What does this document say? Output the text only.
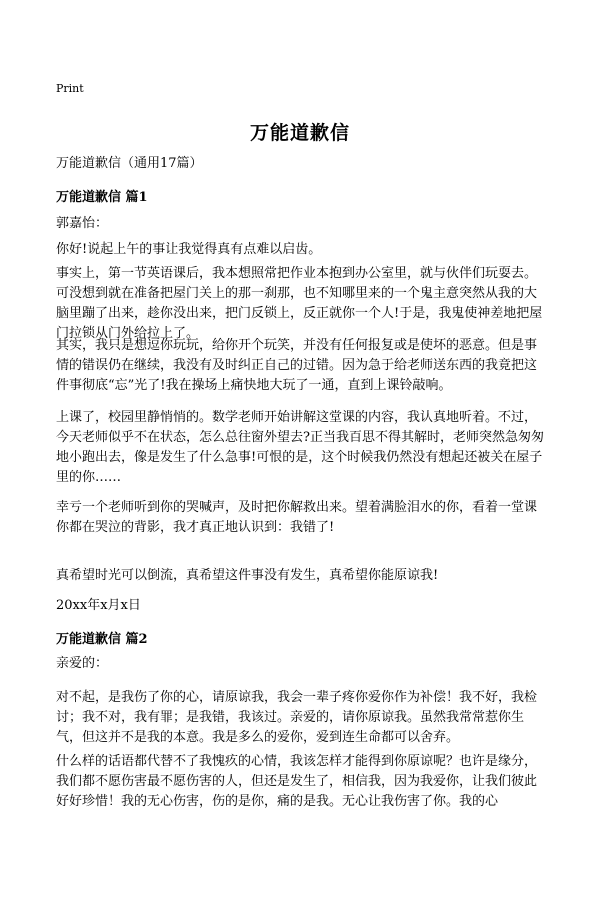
Print
万能道歉信
万能道歉信（通用17篇）
万能道歉信 篇1

郭嘉怡：

你好!说起上午的事让我觉得真有点难以启齿。

事实上，第一节英语课后，我本想照常把作业本抱到办公室里，就与伙伴们玩耍去。可没想到就在准备把屋门关上的那一刹那，也不知哪里来的一个鬼主意突然从我的大脑里蹦了出来，趁你没出来，把门反锁上，反正就你一个人!于是，我鬼使神差地把屋门拉锁从门外给拉上了。

其实，我只是想逗你玩玩，给你开个玩笑，并没有任何报复或是使坏的恶意。但是事情的错误仍在继续，我没有及时纠正自己的过错。因为急于给老师送东西的我竟把这件事彻底“忘”光了!我在操场上痛快地大玩了一通，直到上课铃敲响。

上课了，校园里静悄悄的。数学老师开始讲解这堂课的内容，我认真地听着。不过，今天老师似乎不在状态，怎么总往窗外望去?正当我百思不得其解时，老师突然急匆匆地小跑出去，像是发生了什么急事!可恨的是，这个时候我仍然没有想起还被关在屋子里的你……

幸亏一个老师听到你的哭喊声，及时把你解救出来。望着满脸泪水的你，看着一堂课你都在哭泣的背影，我才真正地认识到：我错了!

真希望时光可以倒流，真希望这件事没有发生，真希望你能原谅我!

20xx年x月x日

万能道歉信 篇2

亲爱的：

对不起，是我伤了你的心，请原谅我，我会一辈子疼你爱你作为补偿！我不好，我检讨；我不对，我有罪；是我错，我该过。亲爱的，请你原谅我。虽然我常常惹你生气，但这并不是我的本意。我是多么的爱你，爱到连生命都可以舍弃。

什么样的话语都代替不了我愧疚的心情，我该怎样才能得到你原谅呢？也许是缘分，我们都不愿伤害最不愿伤害的人，但还是发生了，相信我，因为我爱你，让我们彼此好好珍惜！我的无心伤害，伤的是你，痛的是我。无心让我伤害了你。我的心
